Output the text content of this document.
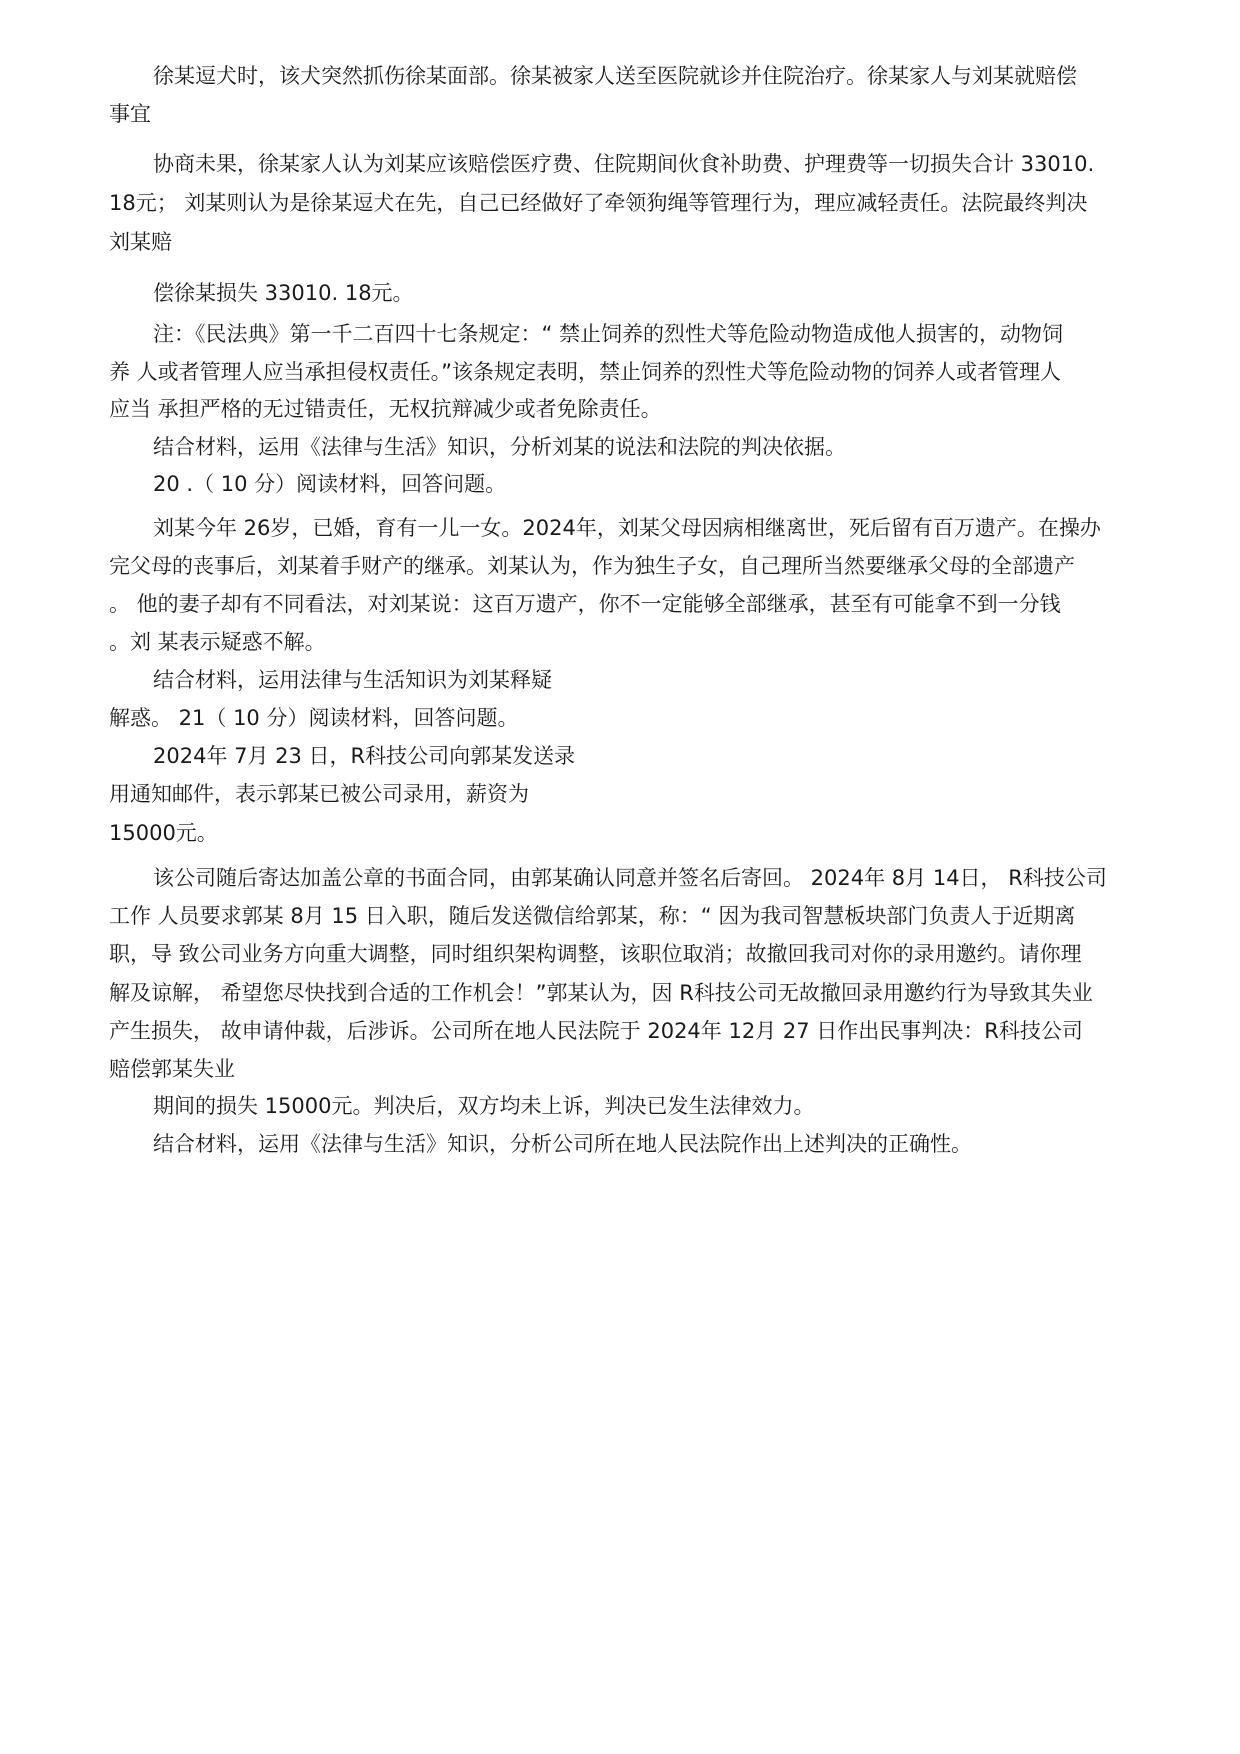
徐某逗犬时，该犬突然抓伤徐某面部。徐某被家人送至医院就诊并住院治疗。徐某家人与刘某就赔偿

事宜

协商未果，徐某家人认为刘某应该赔偿医疗费、住院期间伙食补助费、护理费等一切损失合计 33010.

18元； 刘某则认为是徐某逗犬在先，自己已经做好了牵领狗绳等管理行为，理应减轻责任。法院最终判决

刘某赔

偿徐某损失 33010. 18元。

注：《民法典》第一千二百四十七条规定：“ 禁止饲养的烈性犬等危险动物造成他人损害的，动物饲

养 人或者管理人应当承担侵权责任。”该条规定表明，禁止饲养的烈性犬等危险动物的饲养人或者管理人

应当 承担严格的无过错责任，无权抗辩减少或者免除责任。

结合材料，运用《法律与生活》知识，分析刘某的说法和法院的判决依据。

20 .（ 10 分）阅读材料，回答问题。

刘某今年 26岁，已婚，育有一儿一女。2024年，刘某父母因病相继离世，死后留有百万遗产。在操办

完父母的丧事后，刘某着手财产的继承。刘某认为，作为独生子女，自己理所当然要继承父母的全部遗产

。 他的妻子却有不同看法，对刘某说：这百万遗产，你不一定能够全部继承，甚至有可能拿不到一分钱

。刘 某表示疑惑不解。

结合材料，运用法律与生活知识为刘某释疑

解惑。 21（ 10 分）阅读材料，回答问题。

2024年 7月 23 日，R科技公司向郭某发送录

用通知邮件，表示郭某已被公司录用，薪资为

15000元。

该公司随后寄达加盖公章的书面合同，由郭某确认同意并签名后寄回。 2024年 8月 14日， R科技公司

工作 人员要求郭某 8月 15 日入职，随后发送微信给郭某，称：“ 因为我司智慧板块部门负责人于近期离

职，导 致公司业务方向重大调整，同时组织架构调整，该职位取消；故撤回我司对你的录用邀约。请你理

解及谅解， 希望您尽快找到合适的工作机会！”郭某认为，因 R科技公司无故撤回录用邀约行为导致其失业

产生损失， 故申请仲裁，后涉诉。公司所在地人民法院于 2024年 12月 27 日作出民事判决：R科技公司

赔偿郭某失业

期间的损失 15000元。判决后，双方均未上诉，判决已发生法律效力。

结合材料，运用《法律与生活》知识，分析公司所在地人民法院作出上述判决的正确性。
